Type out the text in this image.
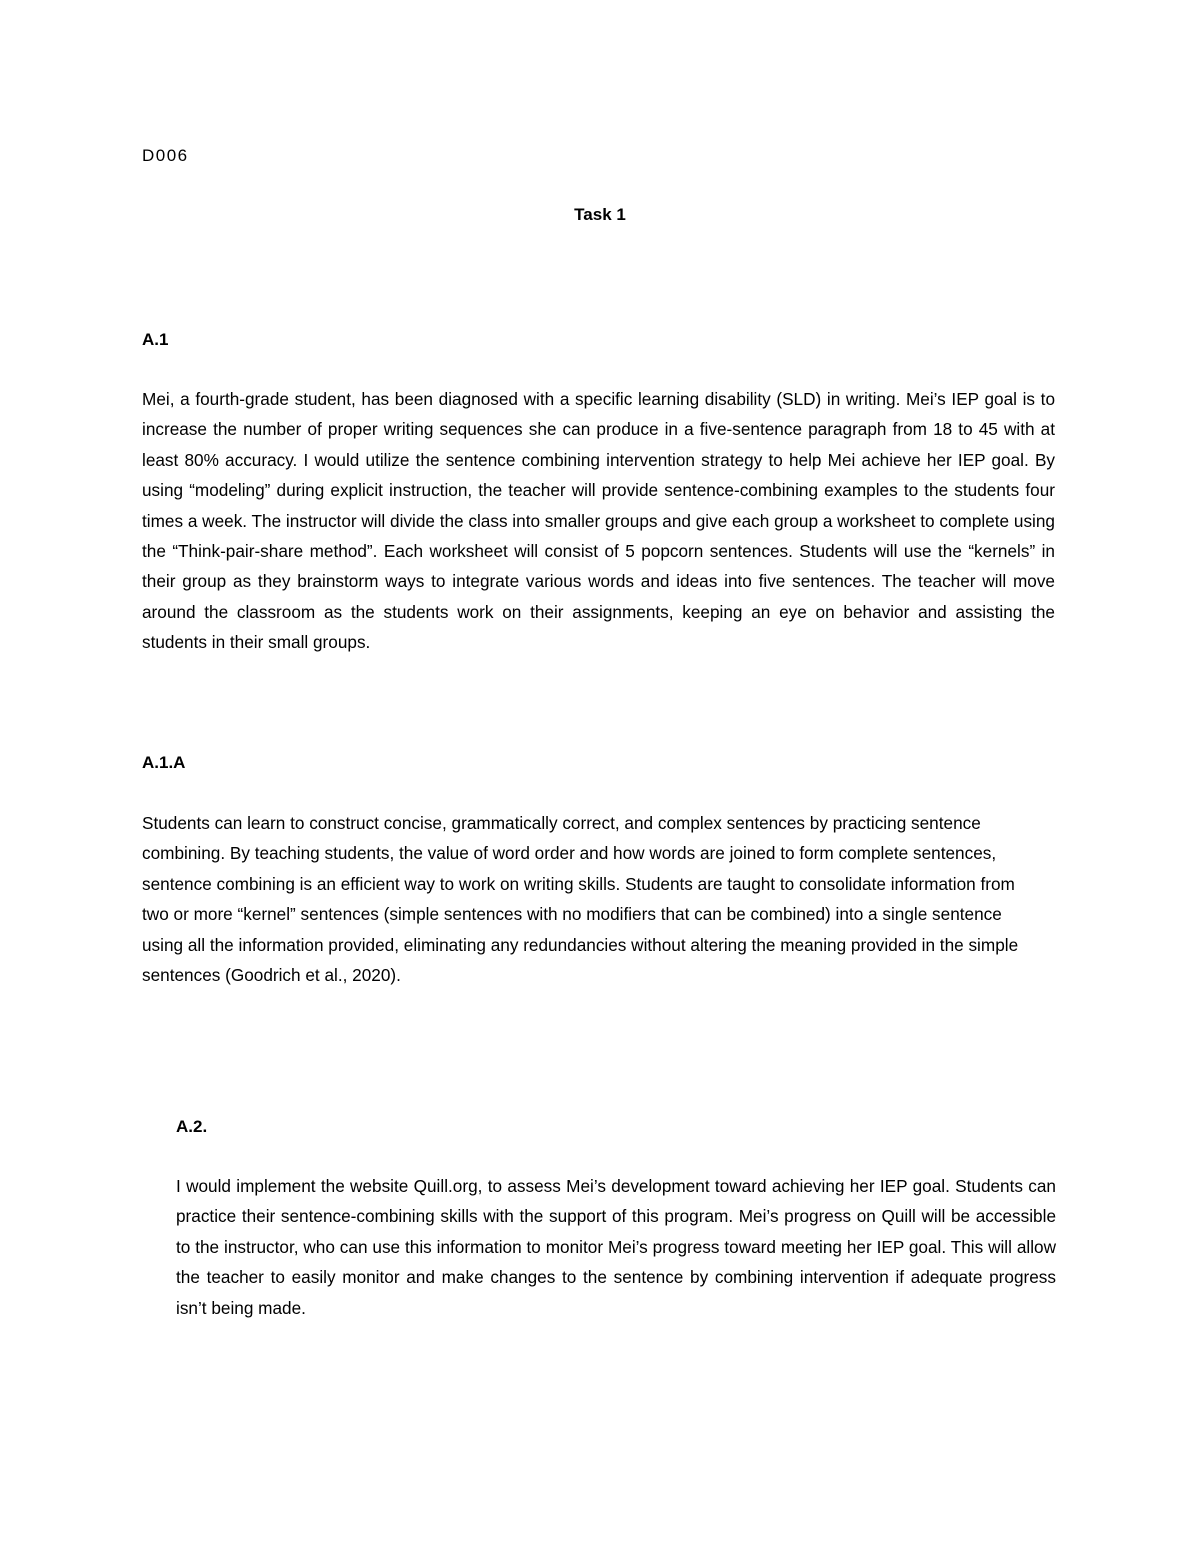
D006
Task 1
A.1

Mei, a fourth-grade student, has been diagnosed with a specific learning disability (SLD) in writing. Mei’s IEP goal is to increase the number of proper writing sequences she can produce in a five-sentence paragraph from 18 to 45 with at least 80% accuracy. I would utilize the sentence combining intervention strategy to help Mei achieve her IEP goal. By using “modeling” during explicit instruction, the teacher will provide sentence-combining examples to the students four times a week. The instructor will divide the class into smaller groups and give each group a worksheet to complete using the “Think-pair-share method”. Each worksheet will consist of 5 popcorn sentences. Students will use the “kernels” in their group as they brainstorm ways to integrate various words and ideas into five sentences. The teacher will move around the classroom as the students work on their assignments, keeping an eye on behavior and assisting the students in their small groups.

A.1.A

Students can learn to construct concise, grammatically correct, and complex sentences by practicing sentence combining. By teaching students, the value of word order and how words are joined to form complete sentences, sentence combining is an efficient way to work on writing skills. Students are taught to consolidate information from two or more “kernel” sentences (simple sentences with no modifiers that can be combined) into a single sentence using all the information provided, eliminating any redundancies without altering the meaning provided in the simple sentences (Goodrich et al., 2020).

A.2.

I would implement the website Quill.org, to assess Mei’s development toward achieving her IEP goal. Students can practice their sentence-combining skills with the support of this program. Mei’s progress on Quill will be accessible to the instructor, who can use this information to monitor Mei’s progress toward meeting her IEP goal. This will allow the teacher to easily monitor and make changes to the sentence by combining intervention if adequate progress isn’t being made.
